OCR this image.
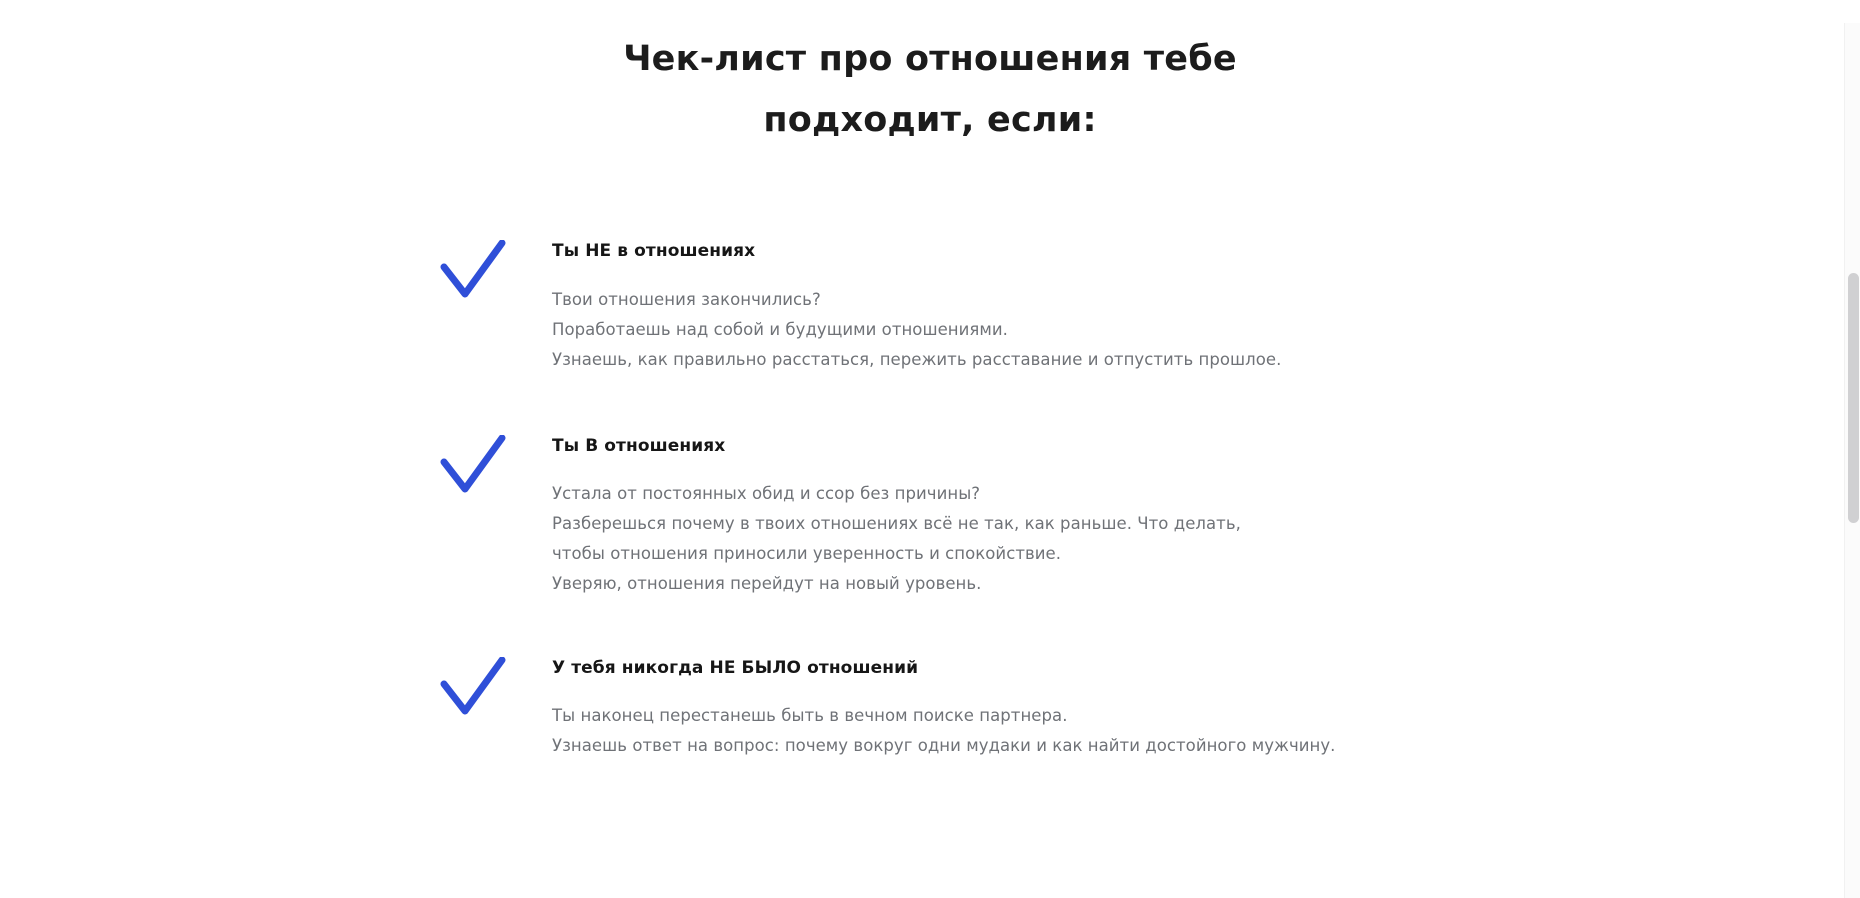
Чек-лист про отношения тебе
подходит, если:
Ты НЕ в отношениях
Твои отношения закончились?
Поработаешь над собой и будущими отношениями.
Узнаешь, как правильно расстаться, пережить расставание и отпустить прошлое.
Ты В отношениях
Устала от постоянных обид и ссор без причины?
Разберешься почему в твоих отношениях всё не так, как раньше. Что делать,
чтобы отношения приносили уверенность и спокойствие.
Уверяю, отношения перейдут на новый уровень.
У тебя никогда НЕ БЫЛО отношений
Ты наконец перестанешь быть в вечном поиске партнера.
Узнаешь ответ на вопрос: почему вокруг одни мудаки и как найти достойного мужчину.
